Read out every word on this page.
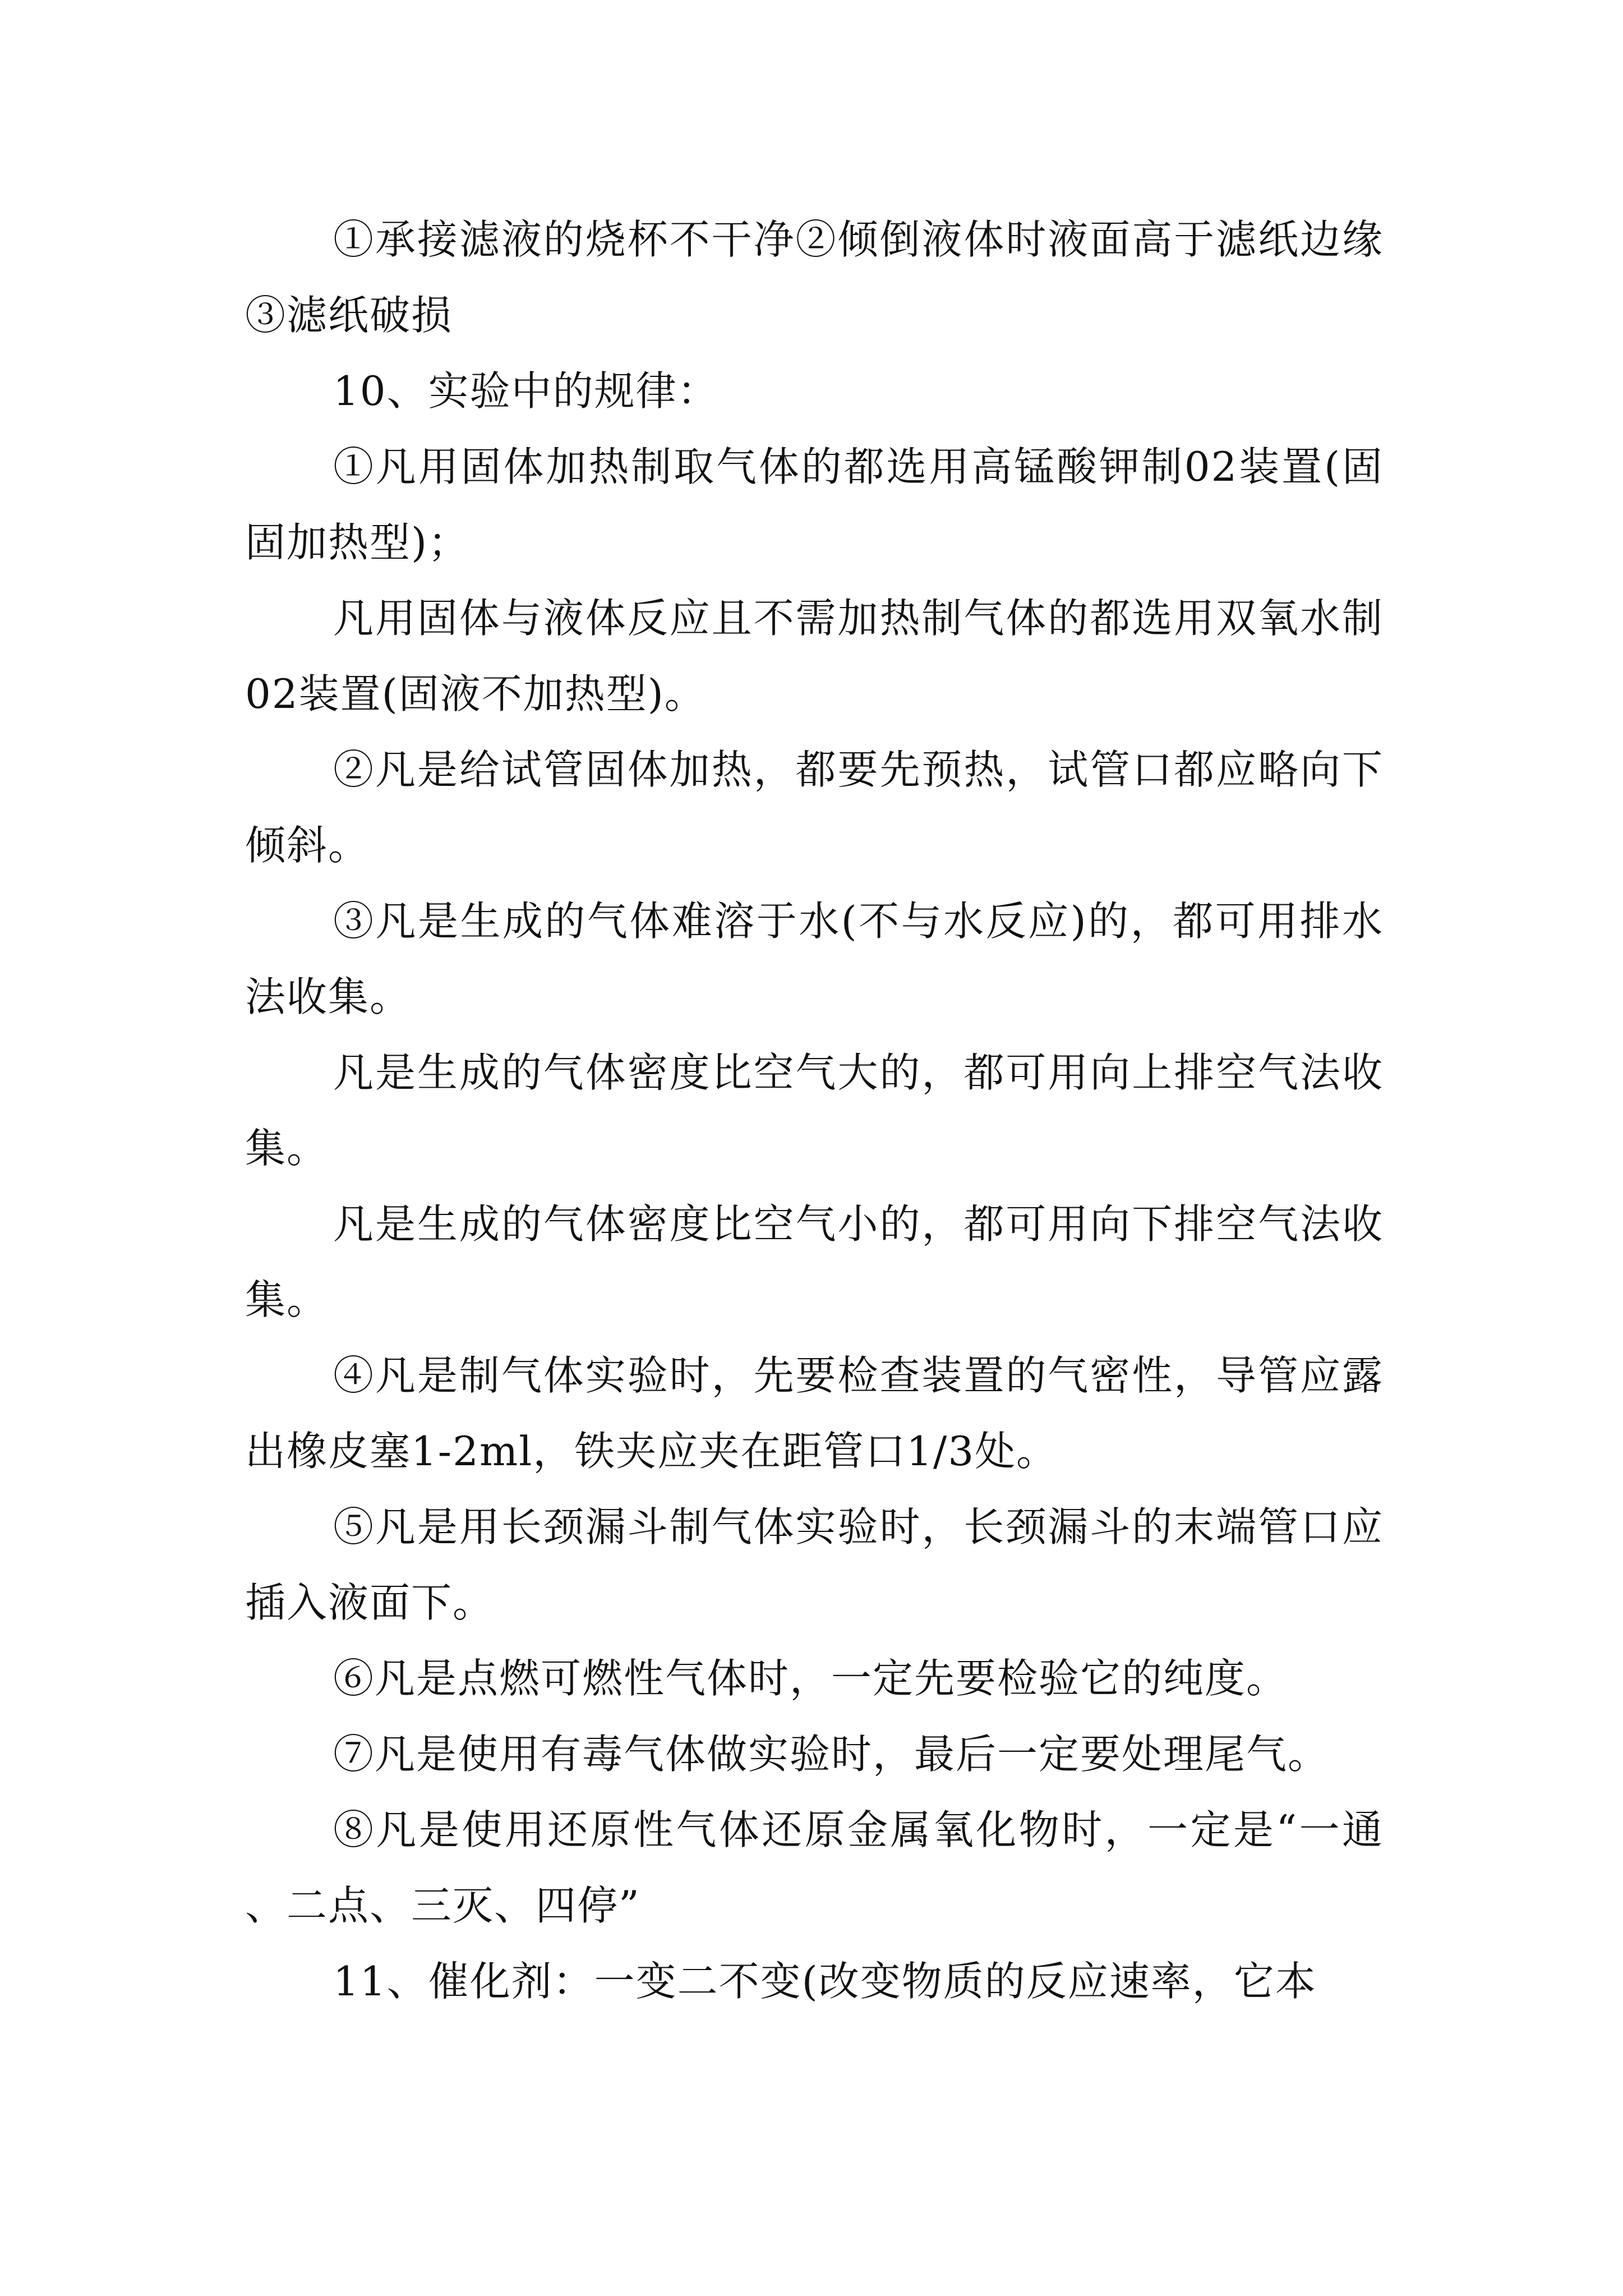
①承接滤液的烧杯不干净②倾倒液体时液面高于滤纸边缘③滤纸破损

10、实验中的规律：

①凡用固体加热制取气体的都选用高锰酸钾制02装置(固固加热型)；

凡用固体与液体反应且不需加热制气体的都选用双氧水制02装置(固液不加热型)。

②凡是给试管固体加热，都要先预热，试管口都应略向下倾斜。

③凡是生成的气体难溶于水(不与水反应)的，都可用排水法收集。

凡是生成的气体密度比空气大的，都可用向上排空气法收集。

凡是生成的气体密度比空气小的，都可用向下排空气法收集。

④凡是制气体实验时，先要检查装置的气密性，导管应露出橡皮塞1-2ml，铁夹应夹在距管口1/3处。

⑤凡是用长颈漏斗制气体实验时，长颈漏斗的末端管口应插入液面下。

⑥凡是点燃可燃性气体时，一定先要检验它的纯度。

⑦凡是使用有毒气体做实验时，最后一定要处理尾气。

⑧凡是使用还原性气体还原金属氧化物时，一定是“一通、二点、三灭、四停”

11、催化剂：一变二不变(改变物质的反应速率，它本
